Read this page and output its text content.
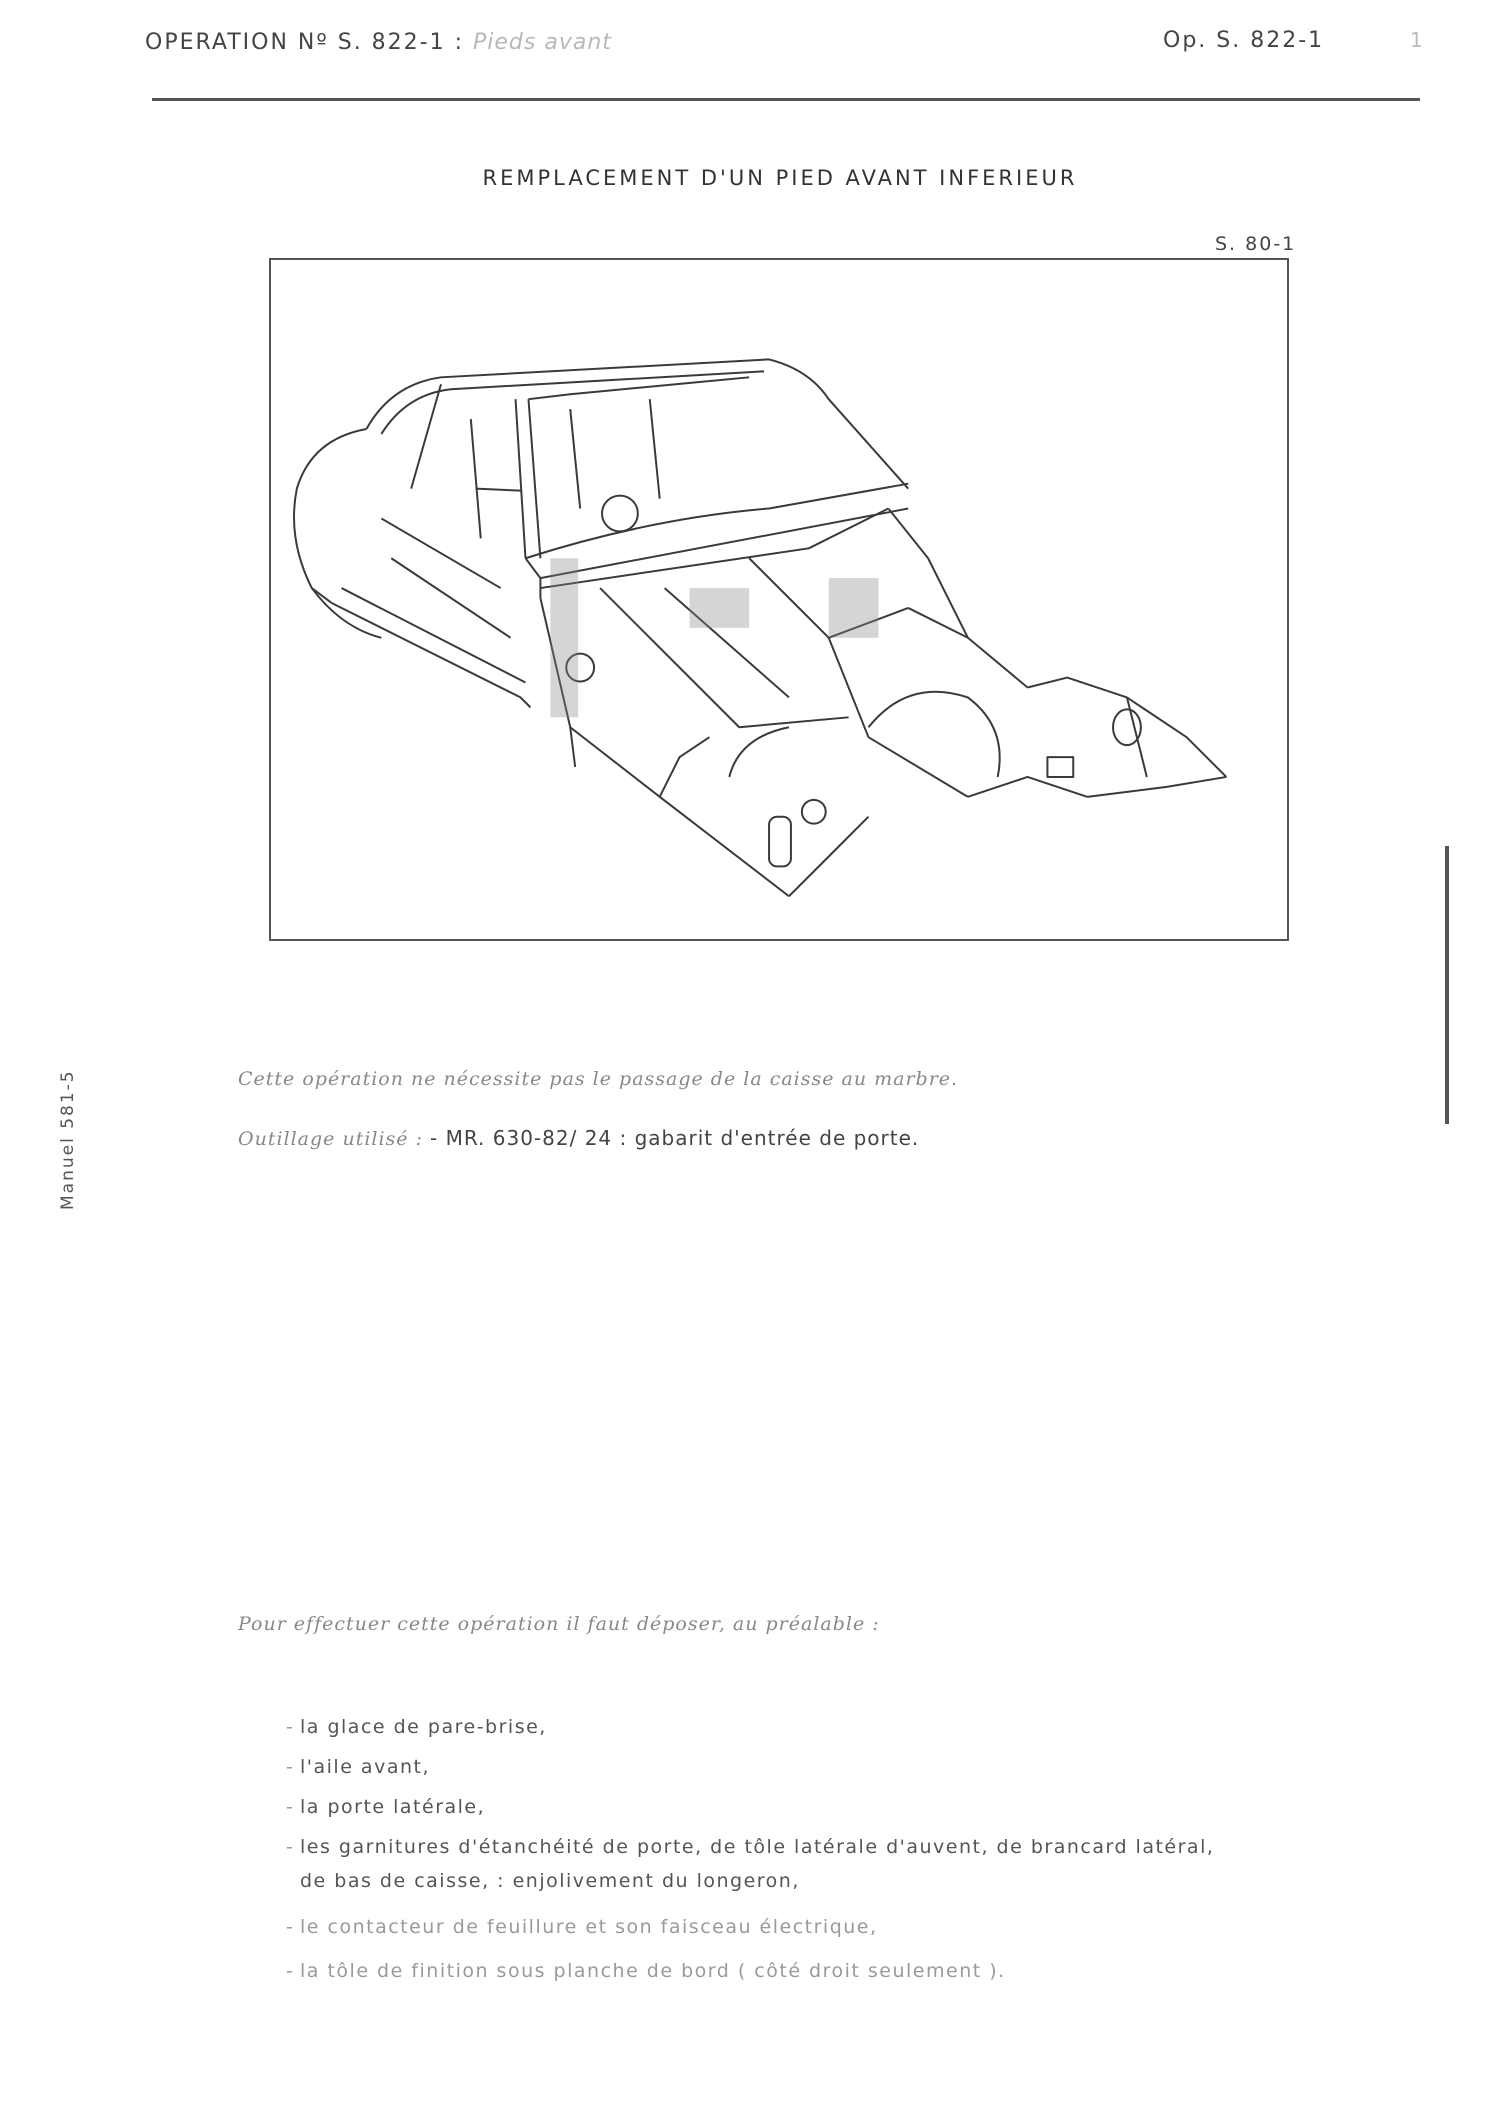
OPERATION Nº S. 822-1 : Pieds avant	Op. S. 822-1	1
REMPLACEMENT D'UN PIED AVANT INFERIEUR
S. 80-1
Manuel 581-5	Cette opération ne nécessite pas le passage de la caisse au marbre.
Outillage utilisé : - MR. 630-82/ 24 : gabarit d'entrée de porte.
Pour effectuer cette opération il faut déposer, au préalable :
- la glace de pare-brise,
- l'aile avant,
- la porte latérale,
- les garnitures d'étanchéité de porte, de tôle latérale d'auvent, de brancard latéral,
de bas de caisse, : enjolivement du longeron,
- le contacteur de feuillure et son faisceau électrique,
- la tôle de finition sous planche de bord ( côté droit seulement ).
